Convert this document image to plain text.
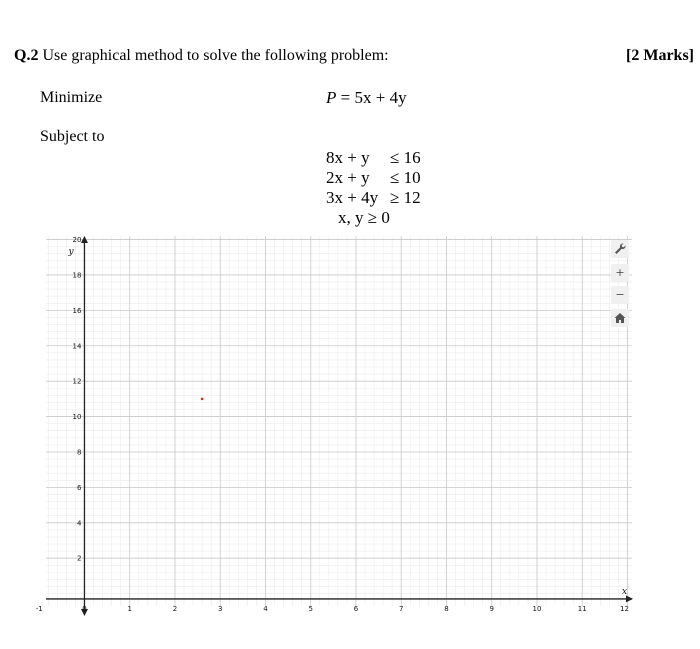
Q.2 Use graphical method to solve the following problem:	[2 Marks]
Minimize	P = 5x + 4y
Subject to
8x + y ≤ 16
2x + y ≤ 10
3x + 4y ≥ 12
x, y ≥ 0
-1	0	1	2	3	4	5	6	7	8	9	10	11	12
2
4
6
8
10
12
14
16
18
20
x
y
+
−
